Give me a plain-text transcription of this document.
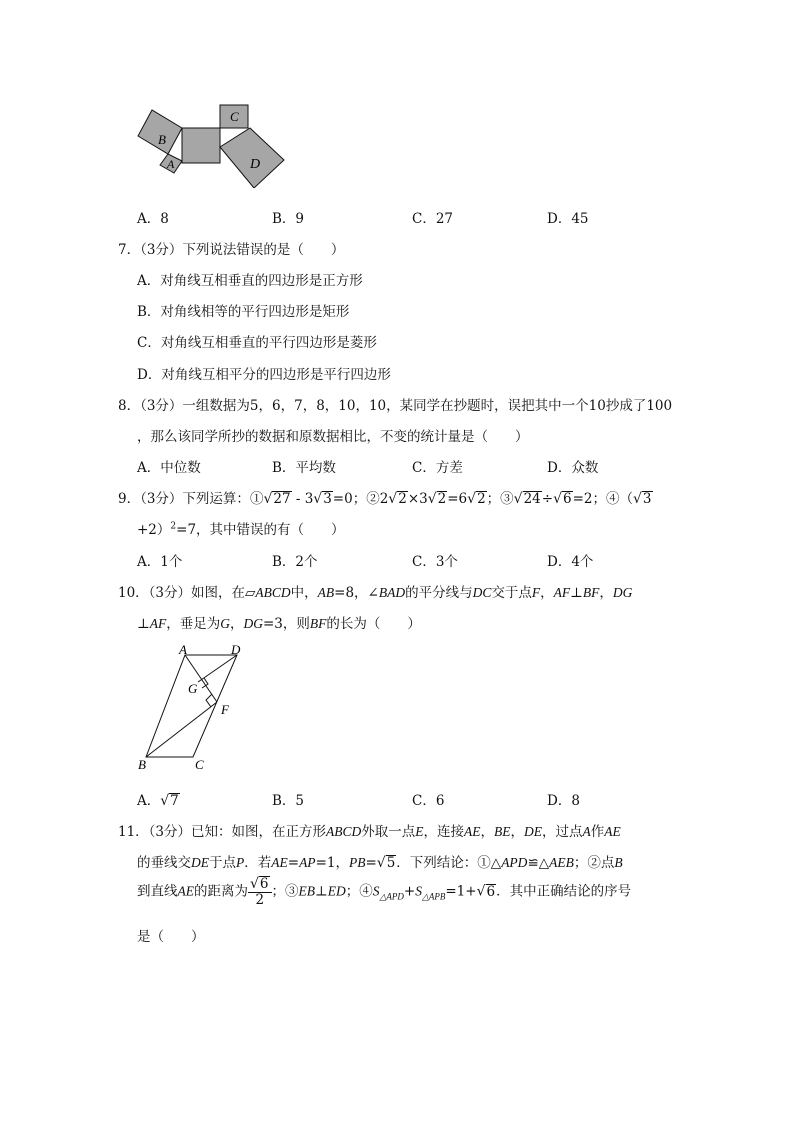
B
A
C
D
A．8	B．9	C．27	D．45
7．（3分）下列说法错误的是（　　）
A．对角线互相垂直的四边形是正方形
B．对角线相等的平行四边形是矩形
C．对角线互相垂直的平行四边形是菱形
D．对角线互相平分的四边形是平行四边形
8．（3分）一组数据为5，6，7，8，10，10，某同学在抄题时，误把其中一个10抄成了100
，那么该同学所抄的数据和原数据相比，不变的统计量是（　　）
A．中位数	B．平均数	C．方差	D．众数
9．（3分）下列运算：①√27 - 3√3=0；②2√2×3√2=6√2；③√24÷√6=2；④（√3
+2）$^2$=7，其中错误的有（　　）
A．1个	B．2个	C．3个	D．4个
10．（3分）如图，在▱ABCD中，AB=8，∠BAD的平分线与DC交于点F，AF⊥BF，DG
⊥AF，垂足为G，DG=3，则BF的长为（　　）
A	D
G
F
B	C
A．√7	B．5	C．6	D．8
11．（3分）已知：如图，在正方形ABCD外取一点E，连接AE，BE，DE，过点A作AE
的垂线交DE于点P．若AE=AP=1，PB=√5．下列结论：①△APD≌△AEB；②点B
到直线AE的距离为 $\frac{√6}{2}$ ；③EB⊥ED；$④S_{\triangle APD}+S_{\triangle APB}=1+√6$．其中正确结论的序号
是（　　）
